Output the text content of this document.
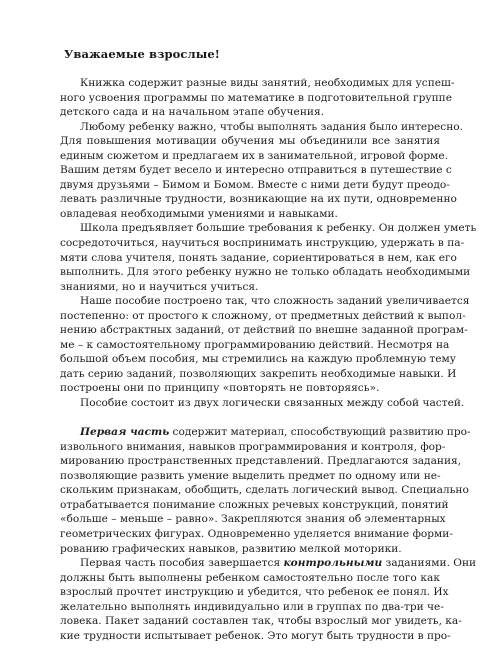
Уважаемые взрослые!
Книжка содержит разные виды занятий, необходимых для успеш-
ного усвоения программы по математике в подготовительной группе
детского сада и на начальном этапе обучения.
Любому ребенку важно, чтобы выполнять задания было интересно.
Для повышения мотивации обучения мы объединили все занятия
единым сюжетом и предлагаем их в занимательной, игровой форме.
Вашим детям будет весело и интересно отправиться в путешествие с
двумя друзьями – Бимом и Бомом. Вместе с ними дети будут преодо-
левать различные трудности, возникающие на их пути, одновременно
овладевая необходимыми умениями и навыками.
Школа предъявляет большие требования к ребенку. Он должен уметь
сосредоточиться, научиться воспринимать инструкцию, удержать в па-
мяти слова учителя, понять задание, сориентироваться в нем, как его
выполнить. Для этого ребенку нужно не только обладать необходимыми
знаниями, но и научиться учиться.
Наше пособие построено так, что сложность заданий увеличивается
постепенно: от простого к сложному, от предметных действий к выпол-
нению абстрактных заданий, от действий по внешне заданной програм-
ме – к самостоятельному программированию действий. Несмотря на
большой объем пособия, мы стремились на каждую проблемную тему
дать серию заданий, позволяющих закрепить необходимые навыки. И
построены они по принципу «повторять не повторяясь».
Пособие состоит из двух логически связанных между собой частей.
Первая часть содержит материал, способствующий развитию про-
извольного внимания, навыков программирования и контроля, фор-
мированию пространственных представлений. Предлагаются задания,
позволяющие развить умение выделить предмет по одному или не-
скольким признакам, обобщить, сделать логический вывод. Специально
отрабатывается понимание сложных речевых конструкций, понятий
«больше – меньше – равно». Закрепляются знания об элементарных
геометрических фигурах. Одновременно уделяется внимание форми-
рованию графических навыков, развитию мелкой моторики.
Первая часть пособия завершается контрольными заданиями. Они
должны быть выполнены ребенком самостоятельно после того как
взрослый прочтет инструкцию и убедится, что ребенок ее понял. Их
желательно выполнять индивидуально или в группах по два-три че-
ловека. Пакет заданий составлен так, чтобы взрослый мог увидеть, ка-
кие трудности испытывает ребенок. Это могут быть трудности в про-
